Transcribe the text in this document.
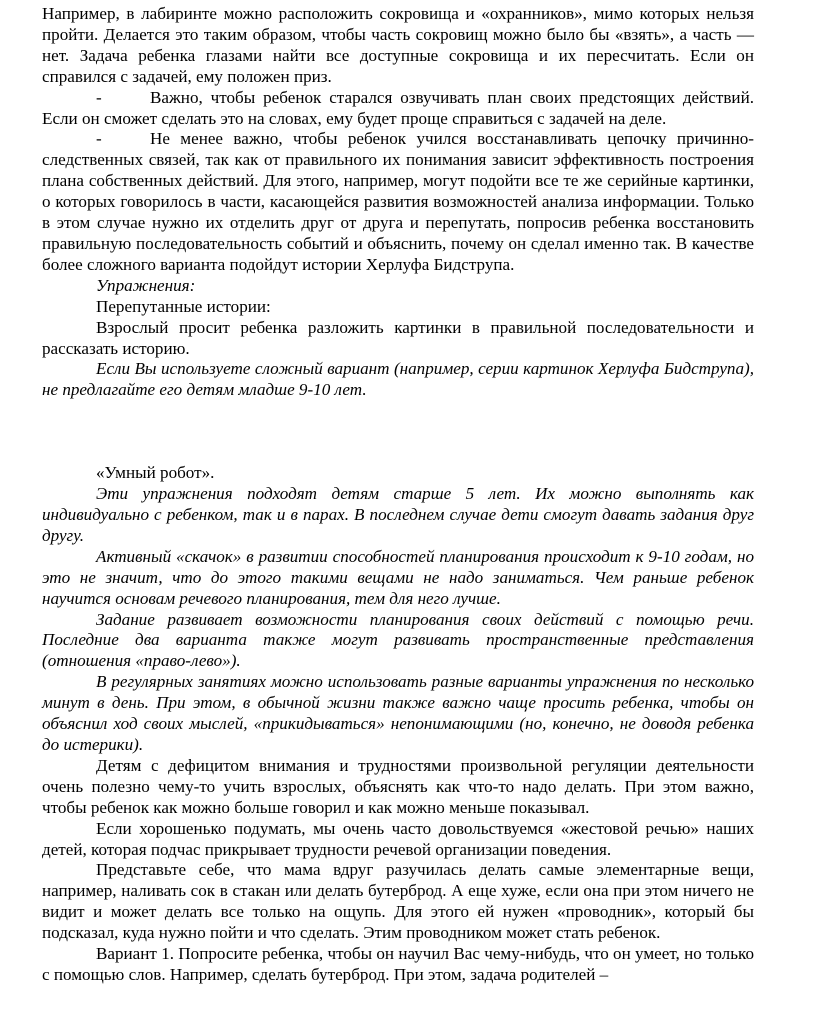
Например, в лабиринте можно расположить сокровища и «охранников», мимо которых нельзя пройти. Делается это таким образом, чтобы часть сокровищ можно было бы «взять», а часть — нет. Задача ребенка глазами найти все доступные сокровища и их пересчитать. Если он справился с задачей, ему положен приз.

-	Важно, чтобы ребенок старался озвучивать план своих предстоящих действий. Если он сможет сделать это на словах, ему будет проще справиться с задачей на деле.

-	Не менее важно, чтобы ребенок учился восстанавливать цепочку причинно-следственных связей, так как от правильного их понимания зависит эффективность построения плана собственных действий. Для этого, например, могут подойти все те же серийные картинки, о которых говорилось в части, касающейся развития возможностей анализа информации. Только в этом случае нужно их отделить друг от друга и перепутать, попросив ребенка восстановить правильную последовательность событий и объяснить, почему он сделал именно так. В качестве более сложного варианта подойдут истории Херлуфа Бидструпа.

Упражнения:

Перепутанные истории:

Взрослый просит ребенка разложить картинки в правильной последовательности и рассказать историю.

Если Вы используете сложный вариант (например, серии картинок Херлуфа Бидструпа), не предлагайте его детям младше 9-10 лет.

«Умный робот».

Эти упражнения подходят детям старше 5 лет. Их можно выполнять как индивидуально с ребенком, так и в парах. В последнем случае дети смогут давать задания друг другу.

Активный «скачок» в развитии способностей планирования происходит к 9-10 годам, но это не значит, что до этого такими вещами не надо заниматься. Чем раньше ребенок научится основам речевого планирования, тем для него лучше.

Задание развивает возможности планирования своих действий с помощью речи. Последние два варианта также могут развивать пространственные представления (отношения «право-лево»).

В регулярных занятиях можно использовать разные варианты упражнения по несколько минут в день. При этом, в обычной жизни также важно чаще просить ребенка, чтобы он объяснил ход своих мыслей, «прикидываться» непонимающими (но, конечно, не доводя ребенка до истерики).

Детям с дефицитом внимания и трудностями произвольной регуляции деятельности очень полезно чему-то учить взрослых, объяснять как что-то надо делать. При этом важно, чтобы ребенок как можно больше говорил и как можно меньше показывал.

Если хорошенько подумать, мы очень часто довольствуемся «жестовой речью» наших детей, которая подчас прикрывает трудности речевой организации поведения.

Представьте себе, что мама вдруг разучилась делать самые элементарные вещи, например, наливать сок в стакан или делать бутерброд. А еще хуже, если она при этом ничего не видит и может делать все только на ощупь. Для этого ей нужен «проводник», который бы подсказал, куда нужно пойти и что сделать. Этим проводником может стать ребенок.

Вариант 1. Попросите ребенка, чтобы он научил Вас чему-нибудь, что он умеет, но только с помощью слов. Например, сделать бутерброд. При этом, задача родителей –
